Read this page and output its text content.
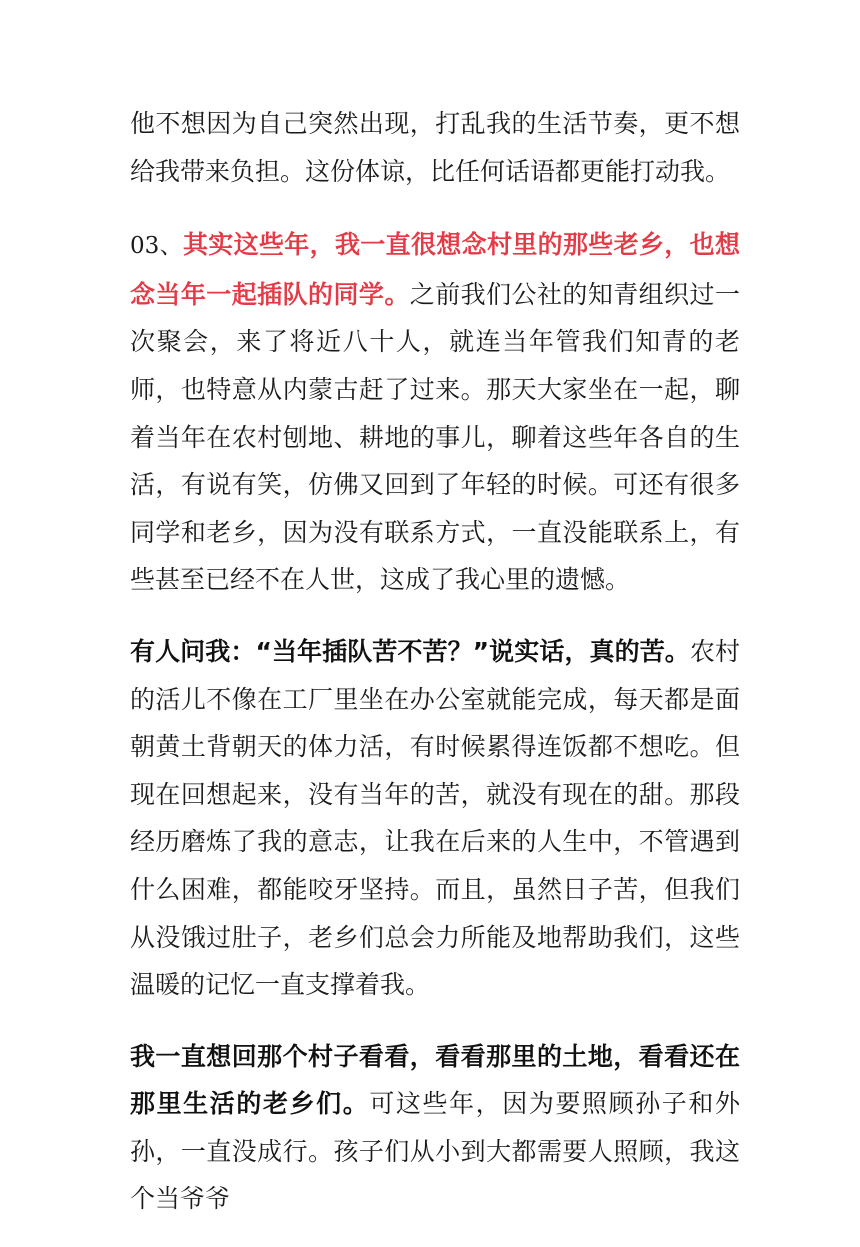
他不想因为自己突然出现，打乱我的生活节奏，更不想给我带来负担。这份体谅，比任何话语都更能打动我。

03、其实这些年，我一直很想念村里的那些老乡，也想念当年一起插队的同学。之前我们公社的知青组织过一次聚会，来了将近八十人，就连当年管我们知青的老师，也特意从内蒙古赶了过来。那天大家坐在一起，聊着当年在农村刨地、耕地的事儿，聊着这些年各自的生活，有说有笑，仿佛又回到了年轻的时候。可还有很多同学和老乡，因为没有联系方式，一直没能联系上，有些甚至已经不在人世，这成了我心里的遗憾。

有人问我：“当年插队苦不苦？”说实话，真的苦。农村的活儿不像在工厂里坐在办公室就能完成，每天都是面朝黄土背朝天的体力活，有时候累得连饭都不想吃。但现在回想起来，没有当年的苦，就没有现在的甜。那段经历磨炼了我的意志，让我在后来的人生中，不管遇到什么困难，都能咬牙坚持。而且，虽然日子苦，但我们从没饿过肚子，老乡们总会力所能及地帮助我们，这些温暖的记忆一直支撑着我。

我一直想回那个村子看看，看看那里的土地，看看还在那里生活的老乡们。可这些年，因为要照顾孙子和外孙，一直没成行。孩子们从小到大都需要人照顾，我这个当爷爷
